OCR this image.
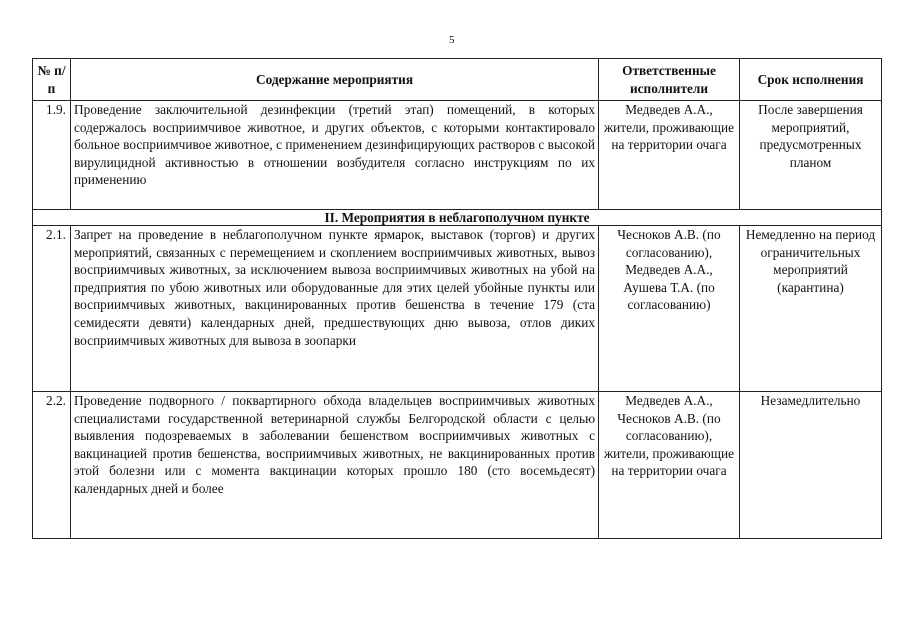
5
№ п/п	Содержание мероприятия	Ответственные исполнители	Срок исполнения
1.9.	Проведение заключительной дезинфекции (третий этап) помещений, в которых содержалось восприимчивое животное, и других объектов, с которыми контактировало больное восприимчивое животное, с применением дезинфицирующих растворов с высокой вирулицидной активностью в отношении возбудителя согласно инструкциям по их применению	Медведев А.А., жители, проживающие на территории очага	После завершения мероприятий, предусмотренных планом
II. Мероприятия в неблагополучном пункте			
2.1.	Запрет на проведение в неблагополучном пункте ярмарок, выставок (торгов) и других мероприятий, связанных с перемещением и скоплением восприимчивых животных, вывоз восприимчивых животных, за исключением вывоза восприимчивых животных на убой на предприятия по убою животных или оборудованные для этих целей убойные пункты или восприимчивых животных, вакцинированных против бешенства в течение 179 (ста семидесяти девяти) календарных дней, предшествующих дню вывоза, отлов диких восприимчивых животных для вывоза в зоопарки	Чесноков А.В. (по согласованию), Медведев А.А., Аушева Т.А. (по согласованию)	Немедленно на период ограничительных мероприятий (карантина)
2.2.	Проведение подворного / поквартирного обхода владельцев восприимчивых животных специалистами государственной ветеринарной службы Белгородской области с целью выявления подозреваемых в заболевании бешенством восприимчивых животных с вакцинацией против бешенства, восприимчивых животных, не вакцинированных против этой болезни или с момента вакцинации которых прошло 180 (сто восемьдесят) календарных дней и более	Медведев А.А., Чесноков А.В. (по согласованию), жители, проживающие на территории очага	Незамедлительно
